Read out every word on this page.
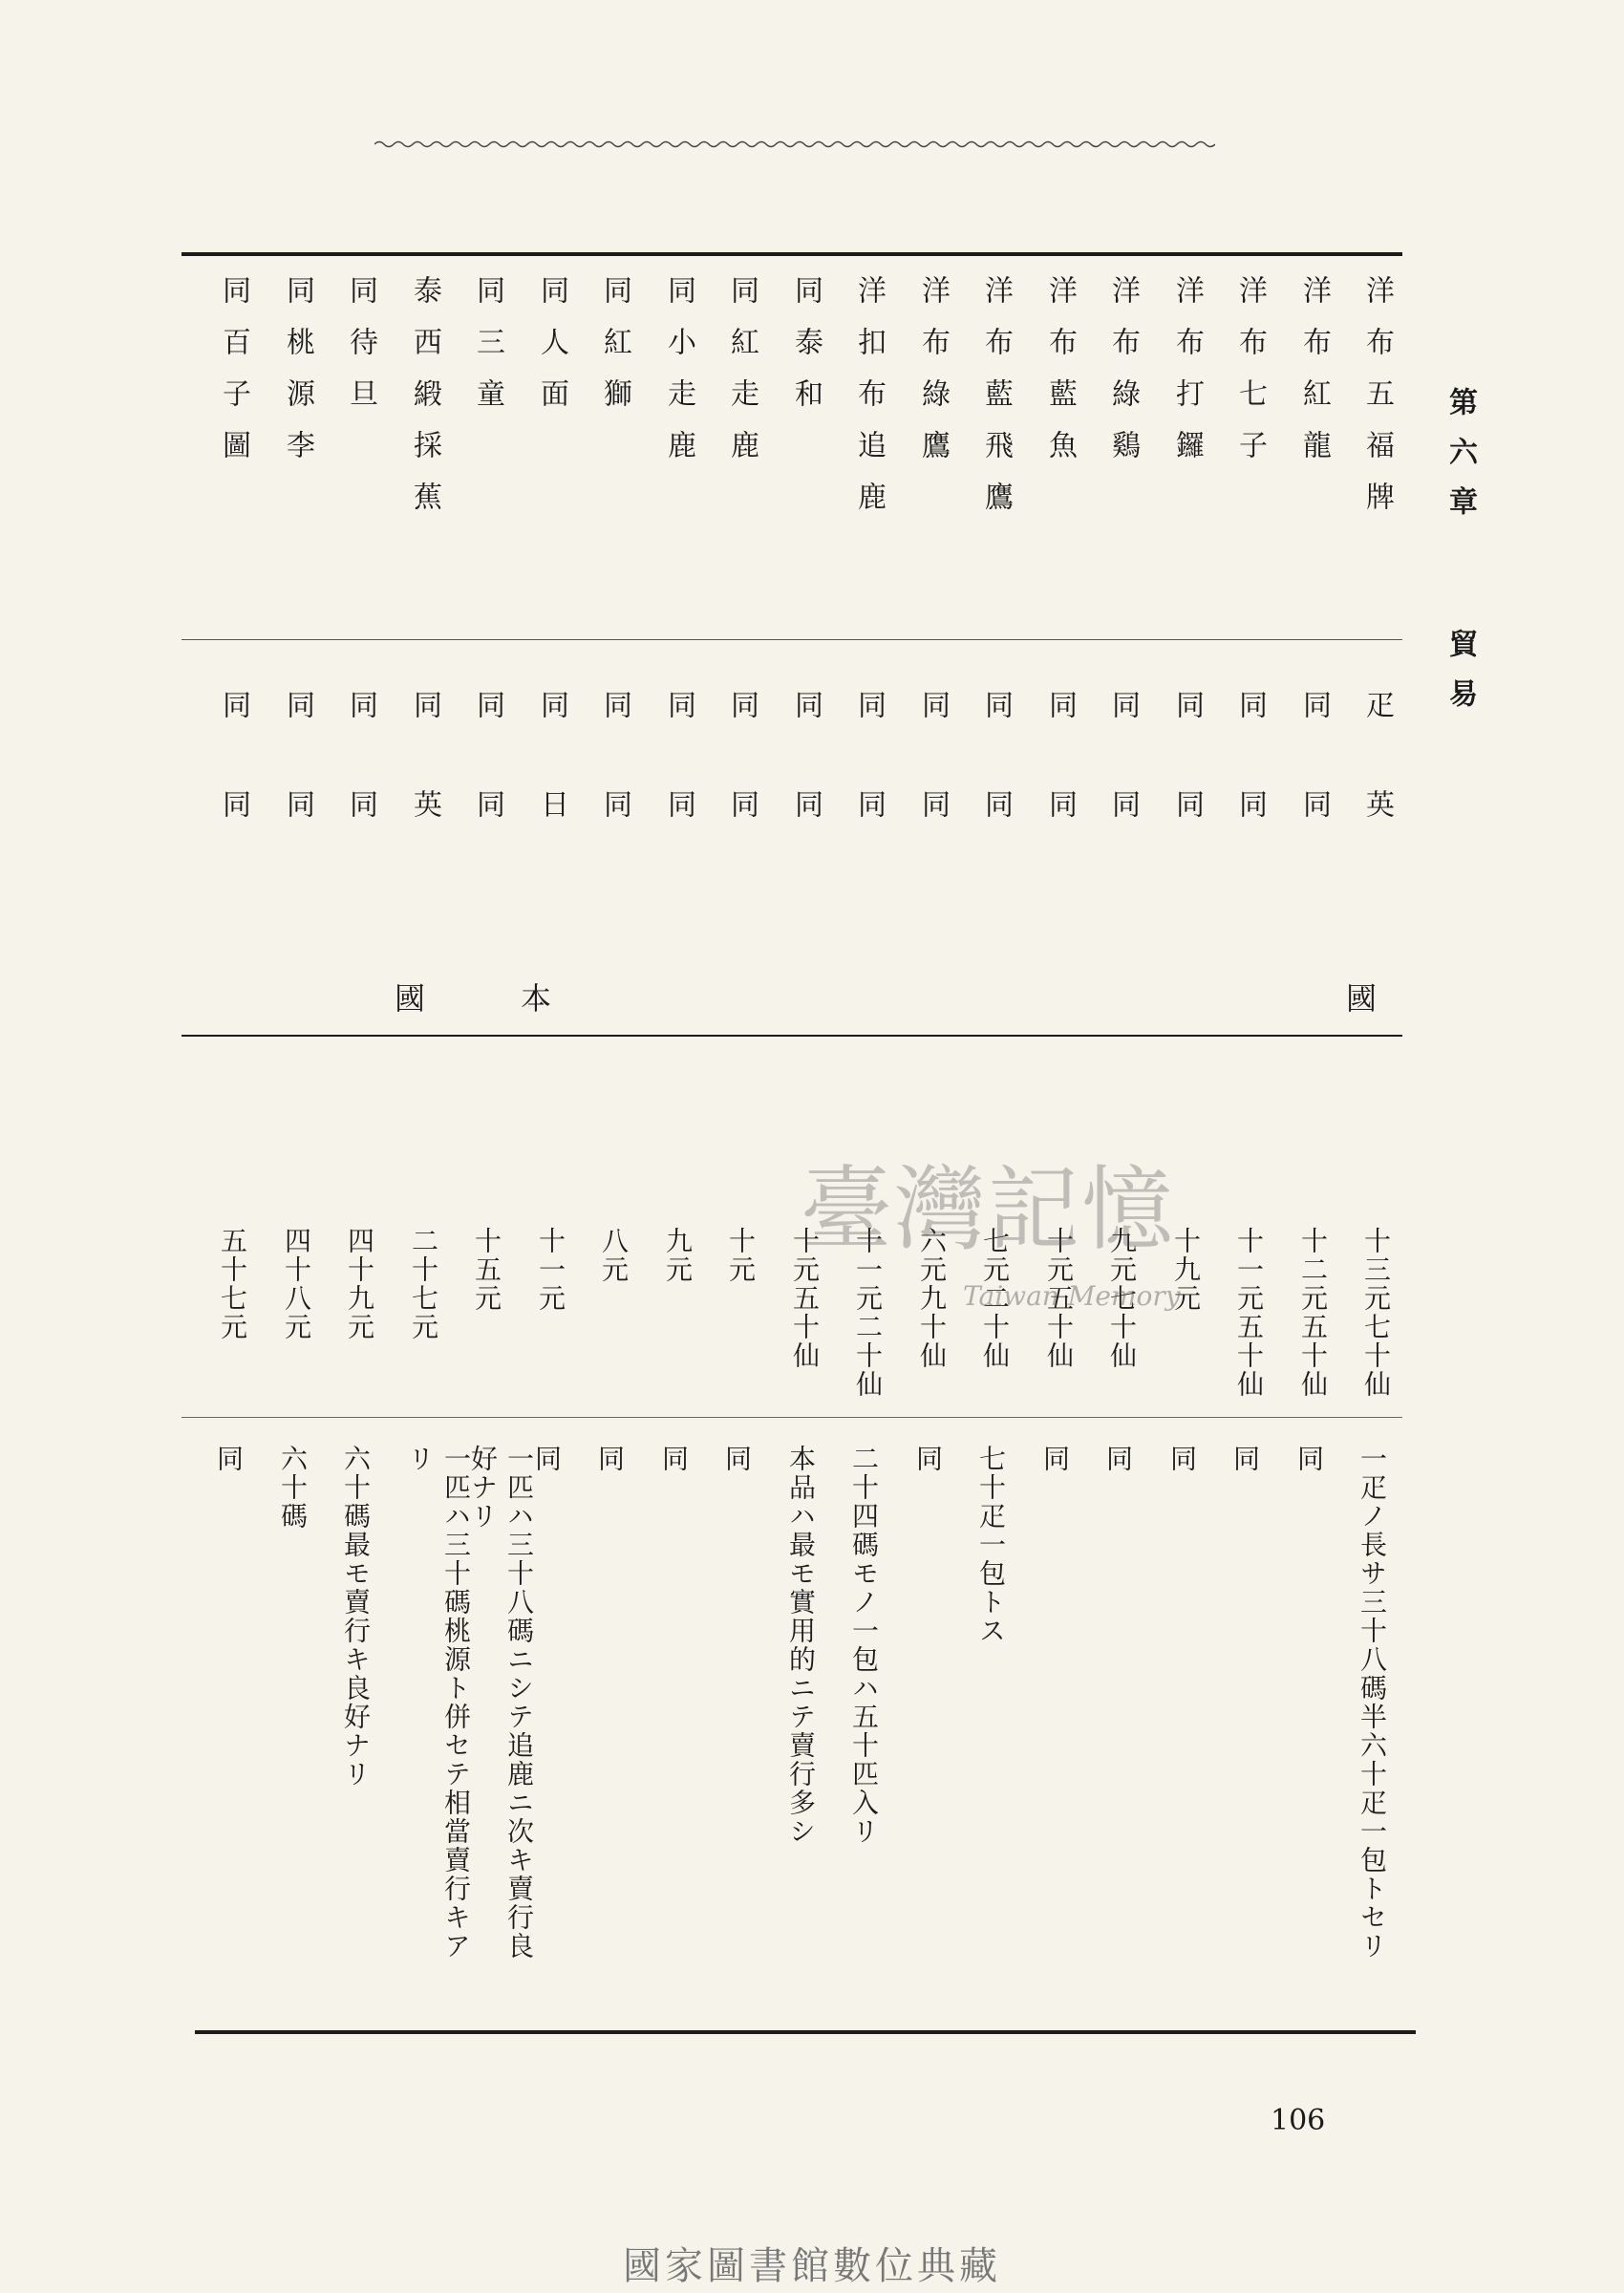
第六章 貿易
洋布五福牌
疋
英
十三元七十仙
一疋ノ長サ三十八碼半六十疋一包トセリ
洋布紅龍
同
同
十二元五十仙
同
洋布七子
同
同
十一元五十仙
同
洋布打鑼
同
同
十九元
同
洋布綠鷄
同
同
九元七十仙
同
洋布藍魚
同
同
十元五十仙
同
洋布藍飛鷹
同
同
七元二十仙
七十疋一包トス
洋布綠鷹
同
同
六元九十仙
同
洋扣布追鹿
同
同
十一元二十仙
二十四碼モノ一包ハ五十匹入リ
同泰和
同
同
十元五十仙
本品ハ最モ實用的ニテ賣行多シ
同紅走鹿
同
同
十元
同
同小走鹿
同
同
九元
同
同紅獅
同
同
八元
同
同人面
同
日
十一元
同
同三童
同
同
十五元
一匹ハ三十八碼ニシテ追鹿ニ次キ賣行良
好ナリ
泰西緞採蕉
同
英
二十七元
一匹ハ三十碼桃源ト併セテ相當賣行キア
リ
同待旦
同
同
四十九元
六十碼最モ賣行キ良好ナリ
同桃源李
同
同
四十八元
六十碼
同百子圖
同
同
五十七元
同
國
本
國
臺灣記憶
Taiwan Memory
106
國家圖書館數位典藏
